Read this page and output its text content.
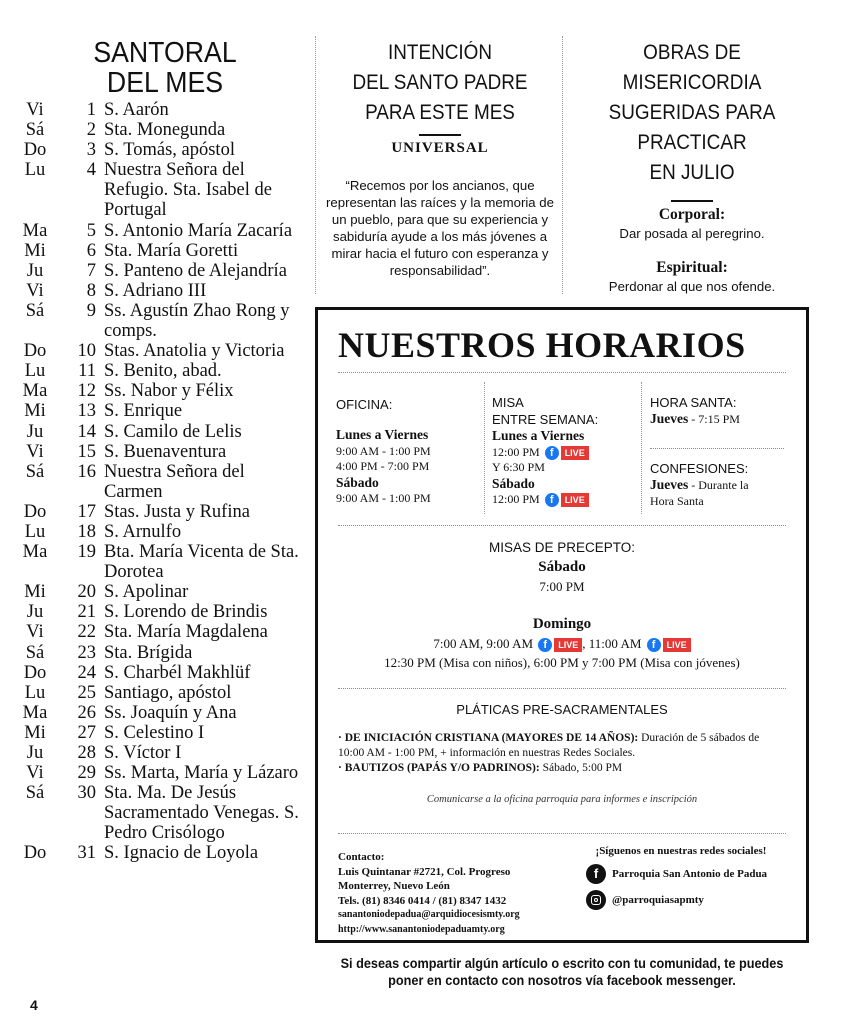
SANTORAL
DEL MES
Vi	1 S. Aarón
Sá	2 Sta. Monegunda
Do	3 S. Tomás, apóstol
Lu	4 Nuestra Señora del Refugio. Sta. Isabel de Portugal
Ma	5 S. Antonio María Zacaría
Mi	6 Sta. María Goretti
Ju	7 S. Panteno de Alejandría
Vi	8 S. Adriano III
Sá	9 Ss. Agustín Zhao Rong y comps.
Do	10 Stas. Anatolia y Victoria
Lu	11 S. Benito, abad.
Ma	12 Ss. Nabor y Félix
Mi	13 S. Enrique
Ju	14 S. Camilo de Lelis
Vi	15 S. Buenaventura
Sá	16 Nuestra Señora del Carmen
Do	17 Stas. Justa y Rufina
Lu	18 S. Arnulfo
Ma	19 Bta. María Vicenta de Sta. Dorotea
Mi	20 S. Apolinar
Ju	21 S. Lorendo de Brindis
Vi	22 Sta. María Magdalena
Sá	23 Sta. Brígida
Do	24 S. Charbél Makhlüf
Lu	25 Santiago, apóstol
Ma	26 Ss. Joaquín y Ana
Mi	27 S. Celestino I
Ju	28 S. Víctor I
Vi	29 Ss. Marta, María y Lázaro
Sá	30 Sta. Ma. De Jesús Sacramentado Venegas. S. Pedro Crisólogo
Do	31 S. Ignacio de Loyola
INTENCIÓN
DEL SANTO PADRE
PARA ESTE MES
UNIVERSAL
“Recemos por los ancianos, que representan las raíces y la memoria de un pueblo, para que su experiencia y sabiduría ayude a los más jóvenes a mirar hacia el futuro con esperanza y responsabilidad”.
OBRAS DE MISERICORDIA
SUGERIDAS PARA
PRACTICAR
EN JULIO
Corporal:
Dar posada al peregrino.
Espiritual:
Perdonar al que nos ofende.
NUESTROS HORARIOS
OFICINA:
Lunes a Viernes
9:00 AM - 1:00 PM
4:00 PM - 7:00 PM
Sábado
9:00 AM - 1:00 PM
MISA
ENTRE SEMANA:
Lunes a Viernes
12:00 PM f	LIVE

Y 6:30 PM
Sábado
12:00 PM f	LIVE
HORA SANTA:
Jueves - 7:15 PM
CONFESIONES:
Jueves - Durante la
Hora Santa
MISAS DE PRECEPTO:
Sábado
7:00 PM
Domingo
7:00 AM, 9:00 AM f	LIVE , 11:00 AM f	LIVE
12:30 PM (Misa con niños), 6:00 PM y 7:00 PM (Misa con jóvenes)
PLÁTICAS PRE-SACRAMENTALES
· DE INICIACIÓN CRISTIANA (MAYORES DE 14 AÑOS): Duración de 5 sábados de 10:00 AM - 1:00 PM, + información en nuestras Redes Sociales.
· BAUTIZOS (PAPÁS Y/O PADRINOS): Sábado, 5:00 PM
Comunicarse a la oficina parroquia para informes e inscripción
Contacto:
Luis Quintanar #2721, Col. Progreso
Monterrey, Nuevo León
Tels. (81) 8346 0414 / (81) 8347 1432
sanantoniodepadua@arquidiocesismty.org
http://www.sanantoniodepaduamty.org
¡Síguenos en nuestras redes sociales!
f	Parroquia San Antonio de Padua
@parroquiasapmty
Si deseas compartir algún artículo o escrito con tu comunidad, te puedes poner en contacto con nosotros vía facebook messenger.
4
